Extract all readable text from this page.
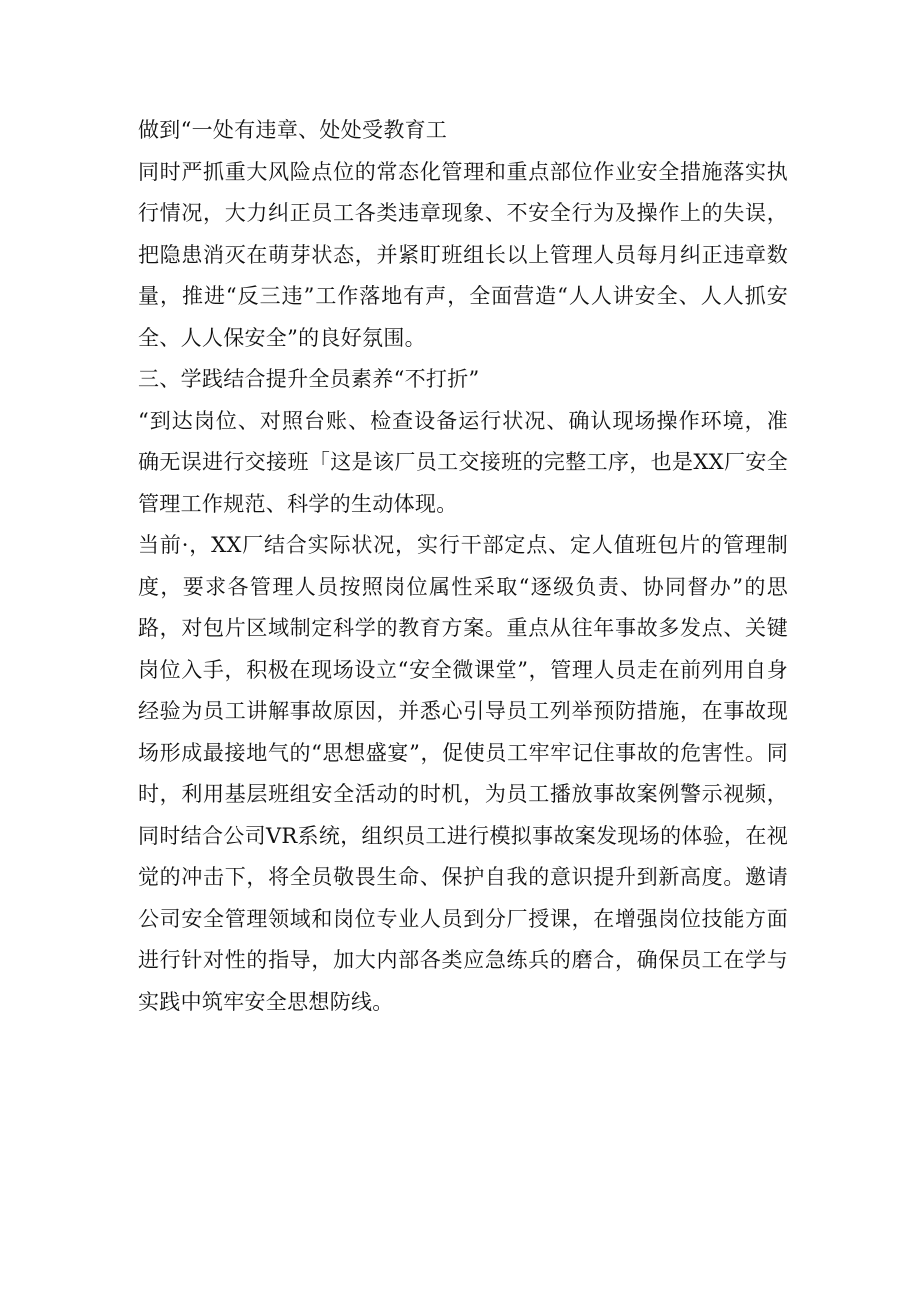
做到“一处有违章、处处受教育工

同时严抓重大风险点位的常态化管理和重点部位作业安全措施落实执行情况，大力纠正员工各类违章现象、不安全行为及操作上的失误，把隐患消灭在萌芽状态，并紧盯班组长以上管理人员每月纠正违章数量，推进“反三违”工作落地有声，全面营造“人人讲安全、人人抓安全、人人保安全”的良好氛围。

三、学践结合提升全员素养“不打折”

“到达岗位、对照台账、检查设备运行状况、确认现场操作环境，准确无误进行交接班「这是该厂员工交接班的完整工序，也是XX厂安全管理工作规范、科学的生动体现。

当前·，XX厂结合实际状况，实行干部定点、定人值班包片的管理制度，要求各管理人员按照岗位属性采取“逐级负责、协同督办”的思路，对包片区域制定科学的教育方案。重点从往年事故多发点、关键岗位入手，积极在现场设立“安全微课堂”，管理人员走在前列用自身经验为员工讲解事故原因，并悉心引导员工列举预防措施，在事故现场形成最接地气的“思想盛宴”，促使员工牢牢记住事故的危害性。同时，利用基层班组安全活动的时机，为员工播放事故案例警示视频，同时结合公司VR系统，组织员工进行模拟事故案发现场的体验，在视觉的冲击下，将全员敬畏生命、保护自我的意识提升到新高度。邀请公司安全管理领域和岗位专业人员到分厂授课，在增强岗位技能方面进行针对性的指导，加大内部各类应急练兵的磨合，确保员工在学与实践中筑牢安全思想防线。
